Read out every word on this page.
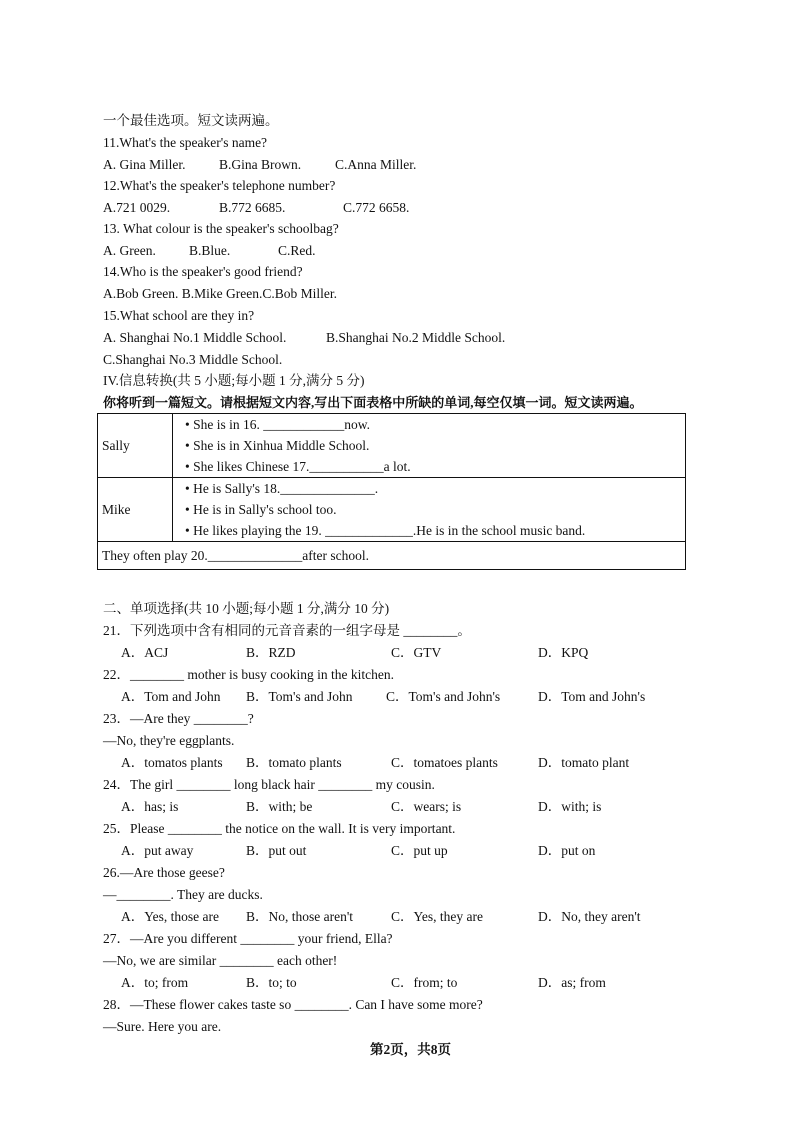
一个最佳选项。短文读两遍。
11.What's the speaker's name?
A. Gina Miller. B.Gina Brown.	C.Anna Miller.
12.What's the speaker's telephone number?
A.721 0029.	B.772 6685.	C.772 6658.
13. What colour is the speaker's schoolbag?
A. Green. B.Blue.	C.Red.
14.Who is the speaker's good friend?
A.Bob Green. B.Mike Green.C.Bob Miller.
15.What school are they in?
A. Shanghai No.1 Middle School.	B.Shanghai No.2 Middle School.
C.Shanghai No.3 Middle School.
IV.信息转换(共 5 小题;每小题 1 分,满分 5 分)
你将听到一篇短文。请根据短文内容,写出下面表格中所缺的单词,每空仅填一词。短文读两遍。
Sally	• She is in 16. ____________now.
• She is in Xinhua Middle School.
• She likes Chinese 17.___________a lot.

Mike	• He is Sally's 18.______________.
• He is in Sally's school too.
• He likes playing the 19. _____________.He is in the school music band.

They often play 20.______________after school.	
二、单项选择(共 10 小题;每小题 1 分,满分 10 分)
21．下列选项中含有相同的元音音素的一组字母是 ________。
A．ACJ	B．RZD	C．GTV	D．KPQ
22．________ mother is busy cooking in the kitchen.
A．Tom and John B．Tom's and John C．Tom's and John's	D．Tom and John's
23．—Are they ________?
—No, they're eggplants.
A．tomatos plants B．tomato plants	C．tomatoes plants	D．tomato plant
24．The girl ________ long black hair ________ my cousin.
A．has; is	B．with; be	C．wears; is	D．with; is
25．Please ________ the notice on the wall. It is very important.
A．put away	B．put out	C．put up	D．put on
26.—Are those geese?
—________. They are ducks.
A．Yes, those are B．No, those aren't	C．Yes, they are	D．No, they aren't
27．—Are you different ________ your friend, Ella?
—No, we are similar ________ each other!
A．to; from	B．to; to	C．from; to	D．as; from
28．—These flower cakes taste so ________. Can I have some more?
—Sure. Here you are.
第2页，共8页
